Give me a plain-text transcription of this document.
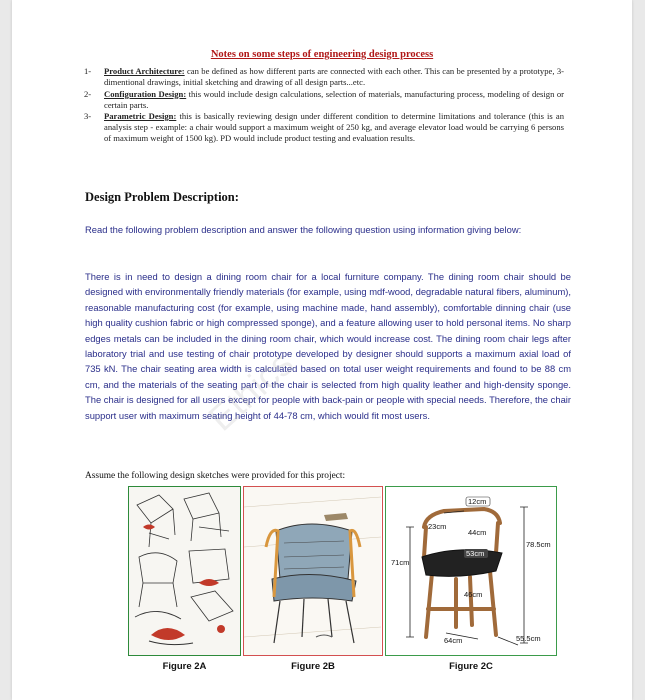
Notes on some steps of engineering design process
1- Product Architecture: can be defined as how different parts are connected with each other. This can be presented by a prototype, 3-dimentional drawings, initial sketching and drawing of all design parts...etc.
2- Configuration Design: this would include design calculations, selection of materials, manufacturing process, modeling of design or certain parts.
3- Parametric Design: this is basically reviewing design under different condition to determine limitations and tolerance (this is an analysis step - example: a chair would support a maximum weight of 250 kg, and average elevator load would be carrying 6 persons of maximum weight of 1500 kg). PD would include product testing and evaluation results.
Design Problem Description:
Read the following problem description and answer the following question using information giving below:
There is in need to design a dining room chair for a local furniture company. The dining room chair should be designed with environmentally friendly materials (for example, using mdf-wood, degradable natural fibers, aluminum), reasonable manufacturing cost (for example, using machine made, hand assembly), comfortable dinning chair (use high quality cushion fabric or high compressed sponge), and a feature allowing user to hold personal items. No sharp edges metals can be included in the dining room chair, which would increase cost. The dining room chair legs after laboratory trial and use testing of chair prototype developed by designer should supports a maximum axial load of 735 kN. The chair seating area width is calculated based on total user weight requirements and found to be 88 cm cm, and the materials of the seating part of the chair is selected from high quality leather and high-density sponge. The chair is designed for all users except for people with back-pain or people with special needs. Therefore, the chair support user with maximum seating height of 44-78 cm, which would fit most users.
Ethics
Assume the following design sketches were provided for this project:
Figure 2A	Figure 2B
12cm
23cm
44cm
53cm
78.5cm
71cm
46cm
64cm	55.5cm
Figure 2C
